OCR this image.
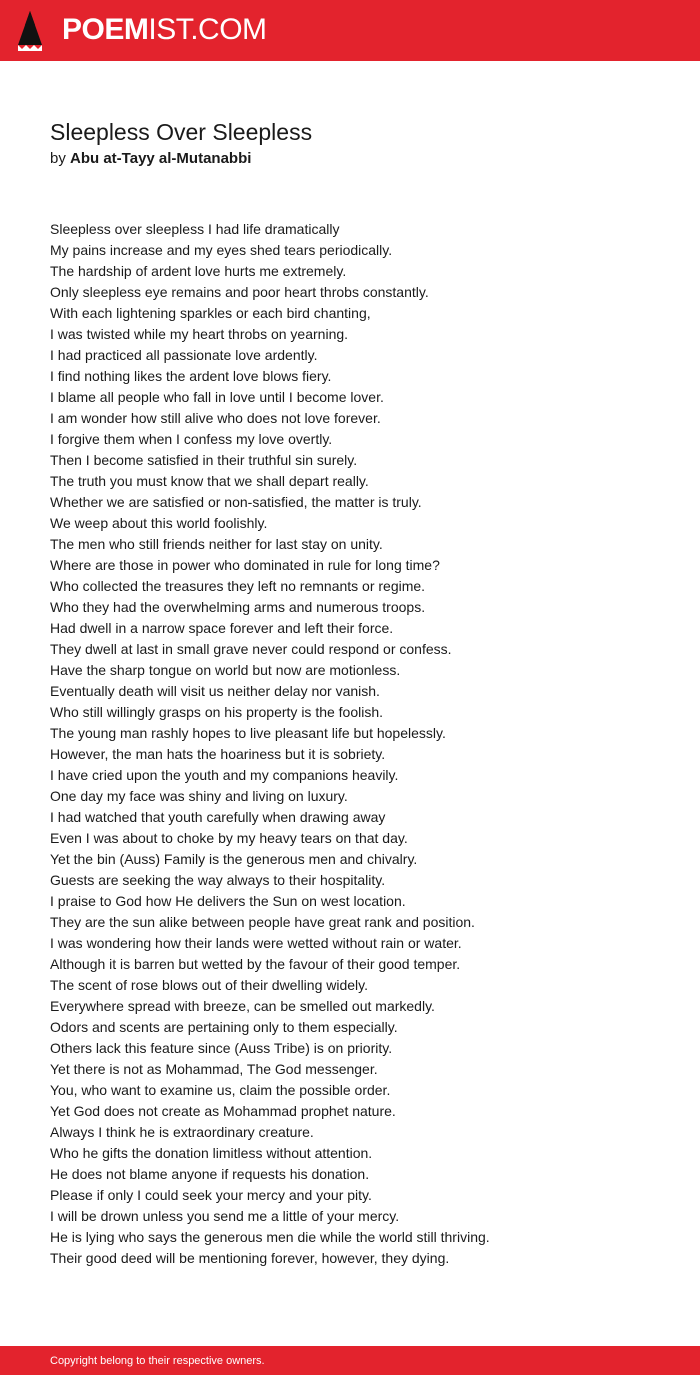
POEMIST.COM
Sleepless Over Sleepless
by Abu at-Tayy al-Mutanabbi
Sleepless over sleepless I had life dramatically
My pains increase and my eyes shed tears periodically.
The hardship of ardent love hurts me extremely.
Only sleepless eye remains and poor heart throbs constantly.
With each lightening sparkles or each bird chanting,
I was twisted while my heart throbs on yearning.
I had practiced all passionate love ardently.
I find nothing likes the ardent love blows fiery.
I blame all people who fall in love until I become lover.
I am wonder how still alive who does not love forever.
I forgive them when I confess my love overtly.
Then I become satisfied in their truthful sin surely.
The truth you must know that we shall depart really.
Whether we are satisfied or non-satisfied, the matter is truly.
We weep about this world foolishly.
The men who still friends neither for last stay on unity.
Where are those in power who dominated in rule for long time?
Who collected the treasures they left no remnants or regime.
Who they had the overwhelming arms and numerous troops.
Had dwell in a narrow space forever and left their force.
They dwell at last in small grave never could respond or confess.
Have the sharp tongue on world but now are motionless.
Eventually death will visit us neither delay nor vanish.
Who still willingly grasps on his property is the foolish.
The young man rashly hopes to live pleasant life but hopelessly.
However, the man hats the hoariness but it is sobriety.
I have cried upon the youth and my companions heavily.
One day my face was shiny and living on luxury.
I had watched that youth carefully when drawing away
Even I was about to choke by my heavy tears on that day.
Yet the bin (Auss) Family is the generous men and chivalry.
Guests are seeking the way always to their hospitality.
I praise to God how He delivers the Sun on west location.
They are the sun alike between people have great rank and position.
I was wondering how their lands were wetted without rain or water.
Although it is barren but wetted by the favour of their good temper.
The scent of rose blows out of their dwelling widely.
Everywhere spread with breeze, can be smelled out markedly.
Odors and scents are pertaining only to them especially.
Others lack this feature since (Auss Tribe) is on priority.
Yet there is not as Mohammad, The God messenger.
You, who want to examine us, claim the possible order.
Yet God does not create as Mohammad prophet nature.
Always I think he is extraordinary creature.
Who he gifts the donation limitless without attention.
He does not blame anyone if requests his donation.
Please if only I could seek your mercy and your pity.
I will be drown unless you send me a little of your mercy.
He is lying who says the generous men die while the world still thriving.
Their good deed will be mentioning forever, however, they dying.
Copyright belong to their respective owners.
